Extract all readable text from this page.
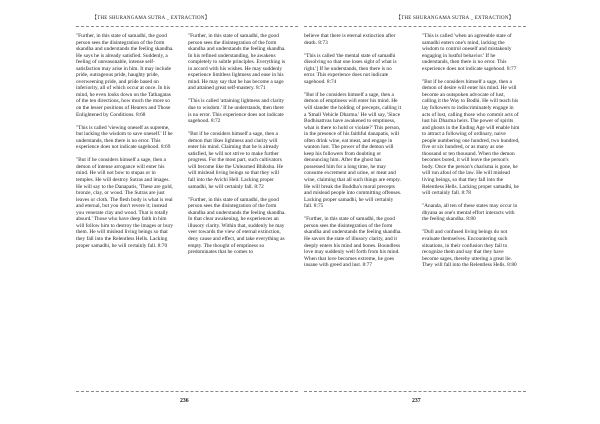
【THE SHURANGAMA SUTRA _ EXTRACTION】

"Further, in this state of samadhi, the good person sees the disintegration of the form skandha and understands the feeling skandha. He says he is already satisfied. Suddenly, a feeling of unreasonable, intense self-satisfaction may arise in him. It may include pride, outrageous pride, haughty pride, overweening pride, and pride based on inferiority, all of which occur at once. In his mind, he even looks down on the Tathagatas of the ten directions, how much the more so on the lesser positions of Hearers and Those Enlightened by Conditions. 8:68

"This is called 'viewing oneself as supreme, but lacking the wisdom to save oneself.' If he understands, then there is no error. This experience does not indicate sagehood. 8:69

"But if he considers himself a sage, then a demon of intense arrogance will enter his mind. He will not bow to stupas or in temples. He will destroy Sutras and images. He will say to the Danapatis, 'These are gold, bronze, clay, or wood. The Sutras are just leaves or cloth. The flesh body is what is real and eternal, but you don't revere it; instead you venerate clay and wood. That is totally absurd.' Those who have deep faith in him will follow him to destroy the images or bury them. He will mislead living beings so that they fall into the Relentless Hells. Lacking proper samadhi, he will certainly fall. 8:70

"Further, in this state of samadhi, the good person sees the disintegration of the form skandha and understands the feeling skandha. In his refined understanding, he awakens completely to subtle principles. Everything is in accord with his wishes. He may suddenly experience limitless lightness and ease in his mind. He may say that he has become a sage and attained great self-mastery. 8:71

"This is called 'attaining lightness and clarity due to wisdom.' If he understands, then there is no error. This experience does not indicate sagehood. 8:72

"But if he considers himself a sage, then a demon that likes lightness and clarity will enter his mind. Claiming that he is already satisfied, he will not strive to make further progress. For the most part, such cultivators will become like the Unlearned Bhikshu. He will mislead living beings so that they will fall into the Avichi Hell. Lacking proper samadhi, he will certainly fall. 8:72

"Further, in this state of samadhi, the good person sees the disintegration of the form skandha and understands the feeling skandha. In that clear awakening, he experiences an illusory clarity. Within that, suddenly he may veer towards the view of eternal extinction, deny cause and effect, and take everything as empty. The thought of emptiness so predominates that he comes to

236
【THE SHURANGAMA SUTRA _ EXTRACTION】

believe that there is eternal extinction after death. 8:73

"This is called 'the mental state of samadhi dissolving so that one loses sight of what is right.'] If he understands, then there is no error. This experience does not indicate sagehood. 8:74

"But if he considers himself a sage, then a demon of emptiness will enter his mind. He will slander the holding of precepts, calling it a 'Small Vehicle Dharma.' He will say, 'Since Bodhisattvas have awakened to emptiness, what is there to hold or violate?' This person, in the presence of his faithful danapatis, will often drink wine, eat meat, and engage in wanton lust. The power of the demon will keep his followers from doubting or denouncing him. After the ghost has possessed him for a long time, he may consume excrement and urine, or meat and wine, claiming that all such things are empty. He will break the Buddha's moral precepts and mislead people into committing offenses. Lacking proper samadhi, he will certainly fall. 8:75

"Further, in this state of samadhi, the good person sees the disintegration of the form skandha and understands the feeling skandha. He savors the state of illusory clarity, and it deeply enters his mind and bones. Boundless love may suddenly well forth from his mind. When that love becomes extreme, he goes insane with greed and lust. 8:77

"This is called 'when an agreeable state of samadhi enters one's mind, lacking the wisdom to control oneself and mistakenly engaging in lustful behavior.' If he understands, then there is no error. This experience does not indicate sagehood. 8:77

"But if he considers himself a sage, then a demon of desire will enter his mind. He will become an outspoken advocate of lust, calling it the Way to Bodhi. He will teach his lay followers to indiscriminately engage in acts of lust, calling those who commit acts of lust his Dharma heirs. The power of spirits and ghosts in the Ending Age will enable him to attract a following of ordinary, naive people numbering one hundred, two hundred, five or six hundred, or as many as one thousand or ten thousand. When the demon becomes bored, it will leave the person's body. Once the person's charisma is gone, he will run afoul of the law. He will mislead living beings, so that they fall into the Relentless Hells. Lacking proper samadhi, he will certainly fall. 8:78

"Ananda, all ten of these states may occur in dhyana as one's mental effort interacts with the feeling skandha. 8:80

"Dull and confused living beings do not evaluate themselves. Encountering such situations, in their confusion they fail to recognize them and say that they have become sages, thereby uttering a great lie. They will fall into the Relentless Hells. 8:80

237
